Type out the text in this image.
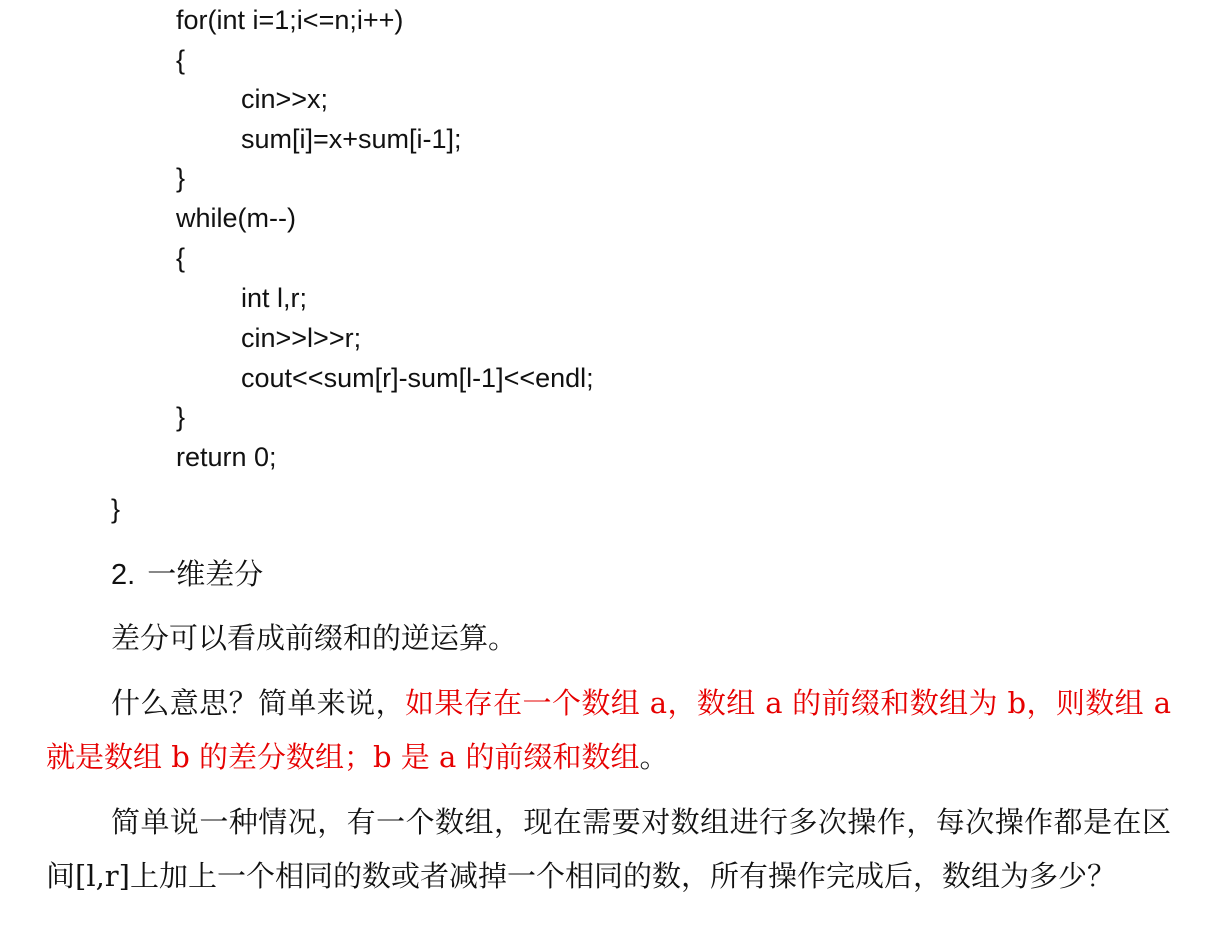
for(int i=1;i<=n;i++)
{
cin>>x;
sum[i]=x+sum[i-1];
}
while(m--)
{
int l,r;
cin>>l>>r;
cout<<sum[r]-sum[l-1]<<endl;
}
return 0;
}
2. 一维差分
差分可以看成前缀和的逆运算。
什么意思？简单来说，如果存在一个数组 a，数组 a 的前缀和数组为 b，则数组 a 就是数组 b 的差分数组；b 是 a 的前缀和数组。
简单说一种情况，有一个数组，现在需要对数组进行多次操作，每次操作都是在区间[l,r]上加上一个相同的数或者减掉一个相同的数，所有操作完成后，数组为多少？
